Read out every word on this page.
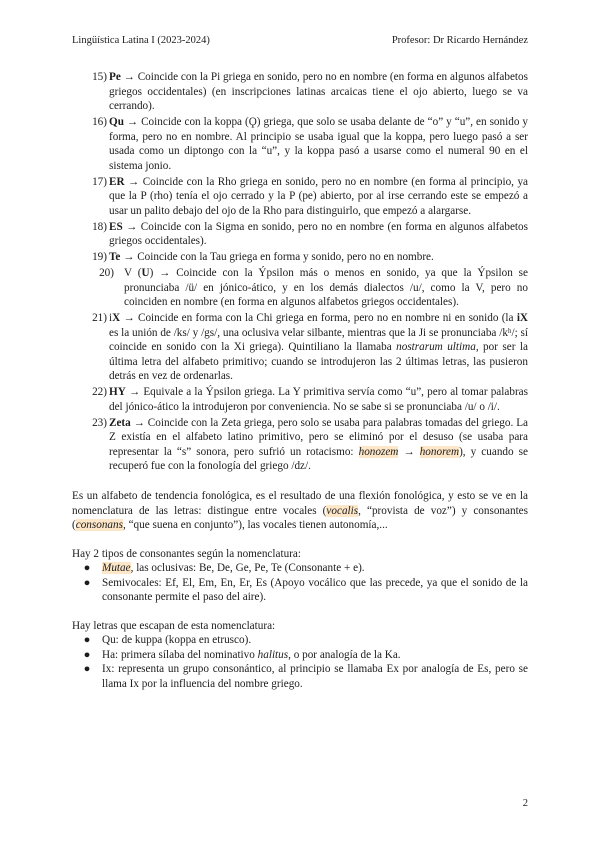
Lingüística Latina I (2023-2024)	Profesor: Dr Ricardo Hernández
15) Pe → Coincide con la Pi griega en sonido, pero no en nombre (en forma en algunos alfabetos griegos occidentales) (en inscripciones latinas arcaicas tiene el ojo abierto, luego se va cerrando).
16) Qu → Coincide con la koppa (Ϙ) griega, que solo se usaba delante de “o” y “u”, en sonido y forma, pero no en nombre. Al principio se usaba igual que la koppa, pero luego pasó a ser usada como un diptongo con la “u”, y la koppa pasó a usarse como el numeral 90 en el sistema jonio.
17) ER → Coincide con la Rho griega en sonido, pero no en nombre (en forma al principio, ya que la P (rho) tenía el ojo cerrado y la P (pe) abierto, por al irse cerrando este se empezó a usar un palito debajo del ojo de la Rho para distinguirlo, que empezó a alargarse.
18) ES → Coincide con la Sigma en sonido, pero no en nombre (en forma en algunos alfabetos griegos occidentales).
19) Te → Coincide con la Tau griega en forma y sonido, pero no en nombre.
20) V (U) → Coincide con la Ýpsilon más o menos en sonido, ya que la Ýpsilon se pronunciaba /ü/ en jónico-ático, y en los demás dialectos /u/, como la V, pero no coinciden en nombre (en forma en algunos alfabetos griegos occidentales).
21) iX → Coincide en forma con la Chi griega en forma, pero no en nombre ni en sonido (la iX es la unión de /ks/ y /gs/, una oclusiva velar silbante, mientras que la Ji se pronunciaba /kʰ/; sí coincide en sonido con la Xi griega). Quintiliano la llamaba nostrarum ultima, por ser la última letra del alfabeto primitivo; cuando se introdujeron las 2 últimas letras, las pusieron detrás en vez de ordenarlas.
22) HY → Equivale a la Ýpsilon griega. La Y primitiva servía como “u”, pero al tomar palabras del jónico-ático la introdujeron por conveniencia. No se sabe si se pronunciaba /u/ o /i/.
23) Zeta → Coincide con la Zeta griega, pero solo se usaba para palabras tomadas del griego. La Z existía en el alfabeto latino primitivo, pero se eliminó por el desuso (se usaba para representar la “s” sonora, pero sufrió un rotacismo: honozem → honorem), y cuando se recuperó fue con la fonología del griego /dz/.

Es un alfabeto de tendencia fonológica, es el resultado de una flexión fonológica, y esto se ve en la nomenclatura de las letras: distingue entre vocales (vocalis, “provista de voz”) y consonantes (consonans, “que suena en conjunto”), las vocales tienen autonomía,...

Hay 2 tipos de consonantes según la nomenclatura:

●	Mutae, las oclusivas: Be, De, Ge, Pe, Te (Consonante + e).
●	Semivocales: Ef, El, Em, En, Er, Es (Apoyo vocálico que las precede, ya que el sonido de la consonante permite el paso del aire).

Hay letras que escapan de esta nomenclatura:

●	Qu: de kuppa (koppa en etrusco).
●	Ha: primera sílaba del nominativo halitus, o por analogía de la Ka.
●	Ix: representa un grupo consonántico, al principio se llamaba Ex por analogía de Es, pero se llama Ix por la influencia del nombre griego.
2
